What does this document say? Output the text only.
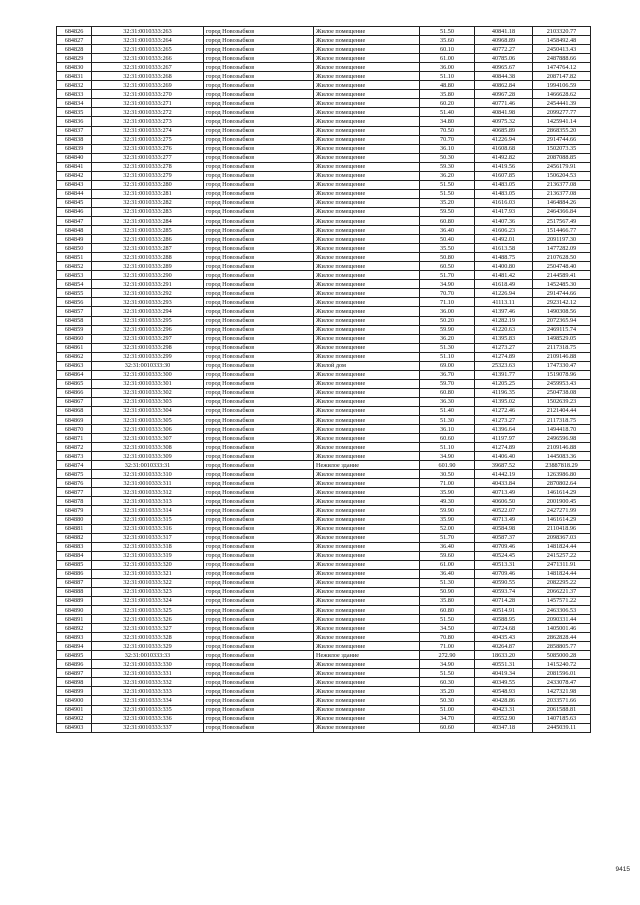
684826	32:31:0010333:263	город Новозыбков	Жилое помещение	51.50	40841.18	2103320.77
684827	32:31:0010333:264	город Новозыбков	Жилое помещение	35.60	40968.89	1458492.48
684828	32:31:0010333:265	город Новозыбков	Жилое помещение	60.10	40772.27	2450413.43
684829	32:31:0010333:266	город Новозыбков	Жилое помещение	61.00	40785.06	2487888.66
684830	32:31:0010333:267	город Новозыбков	Жилое помещение	36.00	40965.67	1474764.12
684831	32:31:0010333:268	город Новозыбков	Жилое помещение	51.10	40844.38	2087147.82
684832	32:31:0010333:269	город Новозыбков	Жилое помещение	48.80	40862.84	1994106.59
684833	32:31:0010333:270	город Новозыбков	Жилое помещение	35.80	40967.28	1466628.62
684834	32:31:0010333:271	город Новозыбков	Жилое помещение	60.20	40771.46	2454441.39
684835	32:31:0010333:272	город Новозыбков	Жилое помещение	51.40	40841.98	2099277.77
684836	32:31:0010333:273	город Новозыбков	Жилое помещение	34.80	40975.32	1425941.14
684837	32:31:0010333:274	город Новозыбков	Жилое помещение	70.50	40685.89	2868355.20
684838	32:31:0010333:275	город Новозыбков	Жилое помещение	70.70	41226.94	2914744.66
684839	32:31:0010333:276	город Новозыбков	Жилое помещение	36.10	41608.68	1502073.35
684840	32:31:0010333:277	город Новозыбков	Жилое помещение	50.30	41492.82	2087088.85
684841	32:31:0010333:278	город Новозыбков	Жилое помещение	59.30	41419.56	2456179.91
684842	32:31:0010333:279	город Новозыбков	Жилое помещение	36.20	41607.85	1506204.53
684843	32:31:0010333:280	город Новозыбков	Жилое помещение	51.50	41483.05	2136377.08
684844	32:31:0010333:281	город Новозыбков	Жилое помещение	51.50	41483.05	2136377.08
684845	32:31:0010333:282	город Новозыбков	Жилое помещение	35.20	41616.03	1464884.26
684846	32:31:0010333:283	город Новозыбков	Жилое помещение	59.50	41417.93	2464366.84
684847	32:31:0010333:284	город Новозыбков	Жилое помещение	60.80	41407.36	2517567.49
684848	32:31:0010333:285	город Новозыбков	Жилое помещение	36.40	41606.23	1514466.77
684849	32:31:0010333:286	город Новозыбков	Жилое помещение	50.40	41492.01	2091197.30
684850	32:31:0010333:287	город Новозыбков	Жилое помещение	35.50	41613.58	1477282.09
684851	32:31:0010333:288	город Новозыбков	Жилое помещение	50.80	41488.75	2107628.50
684852	32:31:0010333:289	город Новозыбков	Жилое помещение	60.50	41400.80	2504748.40
684853	32:31:0010333:290	город Новозыбков	Жилое помещение	51.70	41481.42	2144589.41
684854	32:31:0010333:291	город Новозыбков	Жилое помещение	34.90	41618.49	1452485.30
684855	32:31:0010333:292	город Новозыбков	Жилое помещение	70.70	41226.94	2914744.66
684856	32:31:0010333:293	город Новозыбков	Жилое помещение	71.10	41113.11	2923142.12
684857	32:31:0010333:294	город Новозыбков	Жилое помещение	36.00	41397.46	1490308.56
684858	32:31:0010333:295	город Новозыбков	Жилое помещение	50.20	41282.19	2072365.94
684859	32:31:0010333:296	город Новозыбков	Жилое помещение	59.90	41220.63	2469115.74
684860	32:31:0010333:297	город Новозыбков	Жилое помещение	36.20	41395.83	1498529.05
684861	32:31:0010333:298	город Новозыбков	Жилое помещение	51.30	41273.27	2117318.75
684862	32:31:0010333:299	город Новозыбков	Жилое помещение	51.10	41274.89	2109146.88
684863	32:31:0010333:30	город Новозыбков	Жилой дом	69.00	25323.63	1747330.47
684864	32:31:0010333:300	город Новозыбков	Жилое помещение	36.70	41391.77	1519078.96
684865	32:31:0010333:301	город Новозыбков	Жилое помещение	59.70	41205.25	2459953.43
684866	32:31:0010333:302	город Новозыбков	Жилое помещение	60.80	41196.35	2504738.08
684867	32:31:0010333:303	город Новозыбков	Жилое помещение	36.30	41395.02	1502639.23
684868	32:31:0010333:304	город Новозыбков	Жилое помещение	51.40	41272.46	2121404.44
684869	32:31:0010333:305	город Новозыбков	Жилое помещение	51.30	41273.27	2117318.75
684870	32:31:0010333:306	город Новозыбков	Жилое помещение	36.10	41396.64	1494418.70
684871	32:31:0010333:307	город Новозыбков	Жилое помещение	60.60	41197.97	2496596.98
684872	32:31:0010333:308	город Новозыбков	Жилое помещение	51.10	41274.89	2109146.88
684873	32:31:0010333:309	город Новозыбков	Жилое помещение	34.90	41406.40	1445083.36
684874	32:31:0010333:31	город Новозыбков	Нежилое здание	601.90	39687.52	23887818.29
684875	32:31:0010333:310	город Новозыбков	Жилое помещение	30.50	41442.19	1263986.80
684876	32:31:0010333:311	город Новозыбков	Жилое помещение	71.00	40433.84	2870802.64
684877	32:31:0010333:312	город Новозыбков	Жилое помещение	35.90	40713.49	1461614.29
684878	32:31:0010333:313	город Новозыбков	Жилое помещение	49.30	40606.50	2001900.45
684879	32:31:0010333:314	город Новозыбков	Жилое помещение	59.90	40522.07	2427271.99
684880	32:31:0010333:315	город Новозыбков	Жилое помещение	35.90	40713.49	1461614.29
684881	32:31:0010333:316	город Новозыбков	Жилое помещение	52.00	40584.98	2110418.96
684882	32:31:0010333:317	город Новозыбков	Жилое помещение	51.70	40587.37	2098367.03
684883	32:31:0010333:318	город Новозыбков	Жилое помещение	36.40	40709.46	1481824.44
684884	32:31:0010333:319	город Новозыбков	Жилое помещение	59.60	40524.45	2415257.22
684885	32:31:0010333:320	город Новозыбков	Жилое помещение	61.00	40513.31	2471311.91
684886	32:31:0010333:321	город Новозыбков	Жилое помещение	36.40	40709.46	1481824.44
684887	32:31:0010333:322	город Новозыбков	Жилое помещение	51.30	40590.55	2082295.22
684888	32:31:0010333:323	город Новозыбков	Жилое помещение	50.90	40593.74	2066221.37
684889	32:31:0010333:324	город Новозыбков	Жилое помещение	35.80	40714.28	1457571.22
684890	32:31:0010333:325	город Новозыбков	Жилое помещение	60.80	40514.91	2463306.53
684891	32:31:0010333:326	город Новозыбков	Жилое помещение	51.50	40588.95	2090331.44
684892	32:31:0010333:327	город Новозыбков	Жилое помещение	34.50	40724.68	1405001.46
684893	32:31:0010333:328	город Новозыбков	Жилое помещение	70.80	40435.43	2862828.44
684894	32:31:0010333:329	город Новозыбков	Жилое помещение	71.00	40264.87	2858805.77
684895	32:31:0010333:33	город Новозыбков	Нежилое здание	272.90	18633.20	5085000.28
684896	32:31:0010333:330	город Новозыбков	Жилое помещение	34.90	40551.31	1415240.72
684897	32:31:0010333:331	город Новозыбков	Жилое помещение	51.50	40419.34	2081596.01
684898	32:31:0010333:332	город Новозыбков	Жилое помещение	60.30	40349.55	2433078.47
684899	32:31:0010333:333	город Новозыбков	Жилое помещение	35.20	40548.93	1427321.98
684900	32:31:0010333:334	город Новозыбков	Жилое помещение	50.30	40428.86	2033571.66
684901	32:31:0010333:335	город Новозыбков	Жилое помещение	51.00	40423.31	2061588.81
684902	32:31:0010333:336	город Новозыбков	Жилое помещение	34.70	40552.90	1407185.63
684903	32:31:0010333:337	город Новозыбков	Жилое помещение	60.60	40347.18	2445039.11
9415
